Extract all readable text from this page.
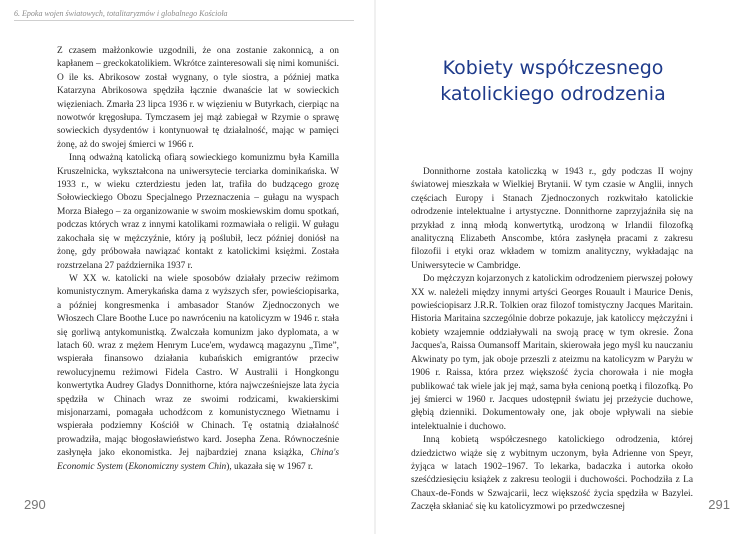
6. Epoka wojen światowych, totalitaryzmów i globalnego Kościoła

Z czasem małżonkowie uzgodnili, że ona zostanie zakonnicą, a on kapłanem – greckokatolikiem. Wkrótce zainteresowali się nimi komuniści. O ile ks. Abrikosow został wygnany, o tyle siostra, a później matka Katarzyna Abrikosowa spędziła łącznie dwanaście lat w sowieckich więzieniach. Zmarła 23 lipca 1936 r. w więzieniu w Butyrkach, cierpiąc na nowotwór kręgosłupa. Tymczasem jej mąż zabiegał w Rzymie o sprawę sowieckich dysydentów i kontynuował tę działalność, mając w pamięci żonę, aż do swojej śmierci w 1966 r.

Inną odważną katolicką ofiarą sowieckiego komunizmu była Kamilla Kruszelnicka, wykształcona na uniwersytecie terciarka dominikańska. W 1933 r., w wieku czterdziestu jeden lat, trafiła do budzącego grozę Sołowieckiego Obozu Specjalnego Przeznaczenia – gułagu na wyspach Morza Białego – za organizowanie w swoim moskiewskim domu spotkań, podczas których wraz z innymi katolikami rozmawiała o religii. W gułagu zakochała się w mężczyźnie, który ją poślubił, lecz później doniósł na żonę, gdy próbowała nawiązać kontakt z katolickimi księżmi. Została rozstrzelana 27 października 1937 r.

W XX w. katolicki na wiele sposobów działały przeciw reżimom komunistycznym. Amerykańska dama z wyższych sfer, powieściopisarka, a później kongresmenka i ambasador Stanów Zjednoczonych we Włoszech Clare Boothe Luce po nawróceniu na katolicyzm w 1946 r. stała się gorliwą antykomunistką. Zwalczała komunizm jako dyplomata, a w latach 60. wraz z mężem Henrym Luce'em, wydawcą magazynu „Time”, wspierała finansowo działania kubańskich emigrantów przeciw rewolucyjnemu reżimowi Fidela Castro. W Australii i Hongkongu konwertytka Audrey Gladys Donnithorne, która najwcześniejsze lata życia spędziła w Chinach wraz ze swoimi rodzicami, kwakierskimi misjonarzami, pomagała uchodźcom z komunistycznego Wietnamu i wspierała podziemny Kościół w Chinach. Tę ostatnią działalność prowadziła, mając błogosławieństwo kard. Josepha Zena. Równocześnie zasłynęła jako ekonomistka. Jej najbardziej znana książka, China's Economic System (Ekonomiczny system Chin), ukazała się w 1967 r.

290
Kobiety współczesnego
katolickiego odrodzenia

Donnithorne została katoliczką w 1943 r., gdy podczas II wojny światowej mieszkała w Wielkiej Brytanii. W tym czasie w Anglii, innych częściach Europy i Stanach Zjednoczonych rozkwitało katolickie odrodzenie intelektualne i artystyczne. Donnithorne zaprzyjaźniła się na przykład z inną młodą konwertytką, urodzoną w Irlandii filozofką analityczną Elizabeth Anscombe, która zasłynęła pracami z zakresu filozofii i etyki oraz wkładem w tomizm analityczny, wykładając na Uniwersytecie w Cambridge.

Do mężczyzn kojarzonych z katolickim odrodzeniem pierwszej połowy XX w. należeli między innymi artyści Georges Rouault i Maurice Denis, powieściopisarz J.R.R. Tolkien oraz filozof tomistyczny Jacques Maritain. Historia Maritaina szczególnie dobrze pokazuje, jak katoliccy mężczyźni i kobiety wzajemnie oddziaływali na swoją pracę w tym okresie. Żona Jacques'a, Raissa Oumansoff Maritain, skierowała jego myśl ku nauczaniu Akwinaty po tym, jak oboje przeszli z ateizmu na katolicyzm w Paryżu w 1906 r. Raissa, która przez większość życia chorowała i nie mogła publikować tak wiele jak jej mąż, sama była cenioną poetką i filozofką. Po jej śmierci w 1960 r. Jacques udostępnił światu jej przeżycie duchowe, głębią dzienniki. Dokumentowały one, jak oboje wpływali na siebie intelektualnie i duchowo.

Inną kobietą współczesnego katolickiego odrodzenia, której dziedzictwo wiąże się z wybitnym uczonym, była Adrienne von Speyr, żyjąca w latach 1902–1967. To lekarka, badaczka i autorka około sześćdziesięciu książek z zakresu teologii i duchowości. Pochodziła z La Chaux-de-Fonds w Szwajcarii, lecz większość życia spędziła w Bazylei. Zaczęła skłaniać się ku katolicyzmowi po przedwczesnej	291
